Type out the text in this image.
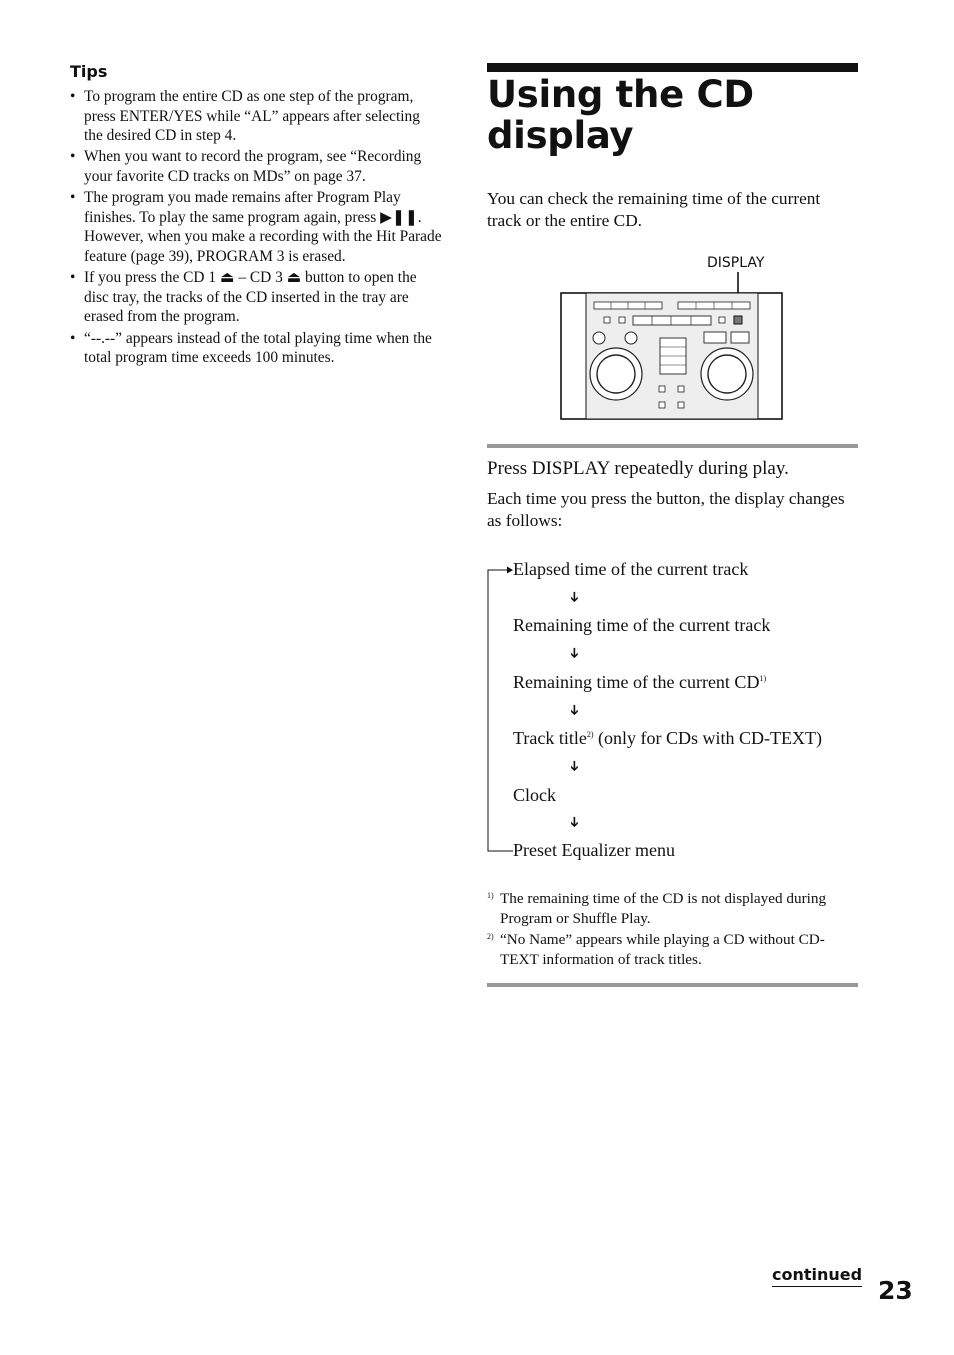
Tips
• To program the entire CD as one step of the program, press ENTER/YES while “AL” appears after selecting the desired CD in step 4.
• When you want to record the program, see “Recording your favorite CD tracks on MDs” on page 37.
• The program you made remains after Program Play finishes. To play the same program again, press ▶❚❚. However, when you make a recording with the Hit Parade feature (page 39), PROGRAM 3 is erased.
• If you press the CD 1 ⏏ – CD 3 ⏏ button to open the disc tray, the tracks of the CD inserted in the tray are erased from the program.
• “--.--” appears instead of the total playing time when the total program time exceeds 100 minutes.
Using the CD display
You can check the remaining time of the current track or the entire CD.
DISPLAY
Press DISPLAY repeatedly during play.
Each time you press the button, the display changes as follows:
Elapsed time of the current track
➔
Remaining time of the current track
➔
Remaining time of the current CD$^{1)}$
➔
Track title$^{2)}$ (only for CDs with CD-TEXT)
➔
Clock
➔
Preset Equalizer menu
1) The remaining time of the CD is not displayed during Program or Shuffle Play.
2) “No Name” appears while playing a CD without CD-TEXT information of track titles.
continued
23
